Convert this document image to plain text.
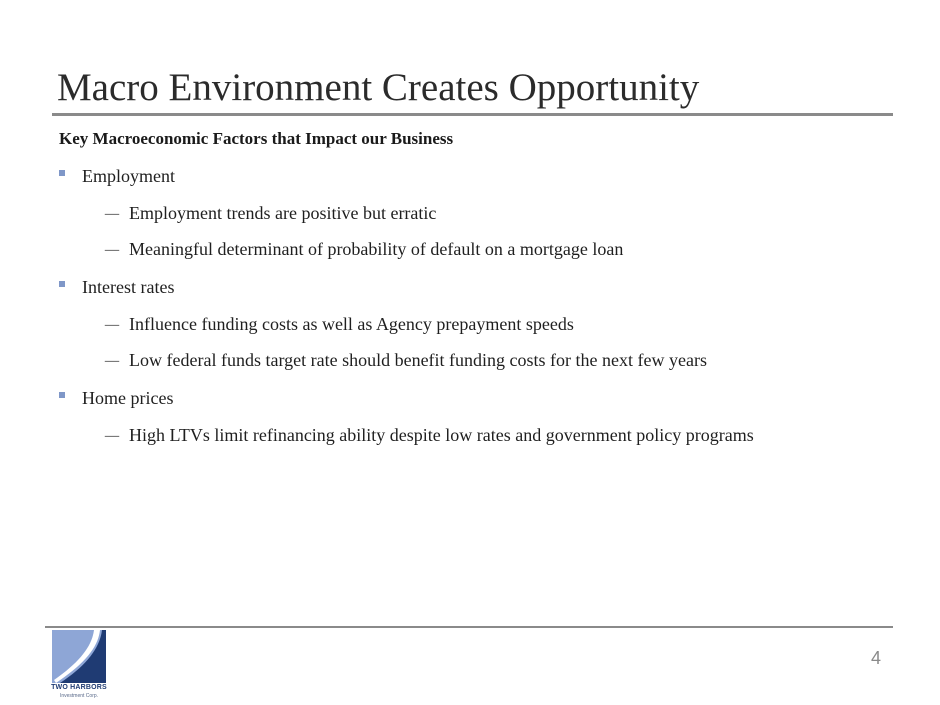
Macro Environment Creates Opportunity
Key Macroeconomic Factors that Impact our Business
Employment
— Employment trends are positive but erratic
— Meaningful determinant of probability of default on a mortgage loan
Interest rates
— Influence funding costs as well as Agency prepayment speeds
— Low federal funds target rate should benefit funding costs for the next few years
Home prices
— High LTVs limit refinancing ability despite low rates and government policy programs
TWO HARBORS
Investment Corp.
4
